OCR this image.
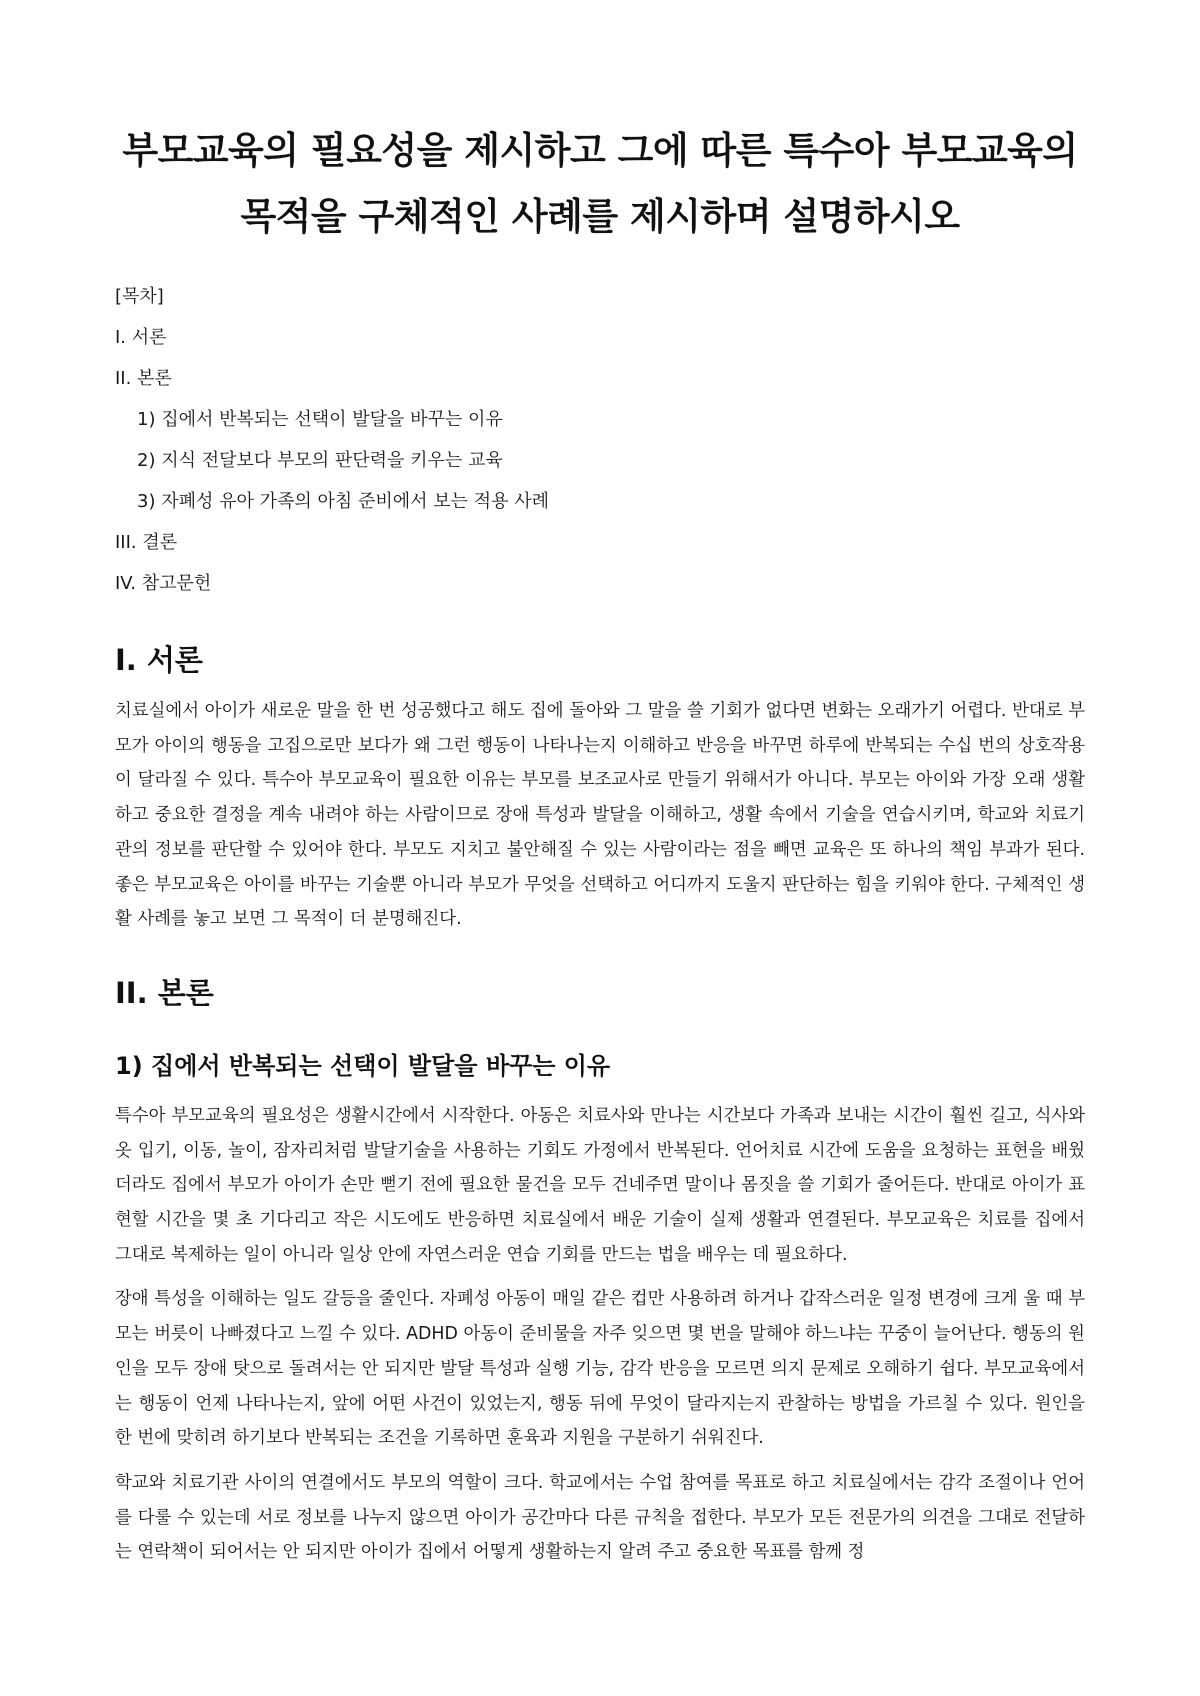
부모교육의 필요성을 제시하고 그에 따른 특수아 부모교육의 목적을 구체적인 사례를 제시하며 설명하시오
[목차]
I. 서론
II. 본론
1) 집에서 반복되는 선택이 발달을 바꾸는 이유
2) 지식 전달보다 부모의 판단력을 키우는 교육
3) 자폐성 유아 가족의 아침 준비에서 보는 적용 사례
III. 결론
IV. 참고문헌
I. 서론

치료실에서 아이가 새로운 말을 한 번 성공했다고 해도 집에 돌아와 그 말을 쓸 기회가 없다면 변화는 오래가기 어렵다. 반대로 부모가 아이의 행동을 고집으로만 보다가 왜 그런 행동이 나타나는지 이해하고 반응을 바꾸면 하루에 반복되는 수십 번의 상호작용이 달라질 수 있다. 특수아 부모교육이 필요한 이유는 부모를 보조교사로 만들기 위해서가 아니다. 부모는 아이와 가장 오래 생활하고 중요한 결정을 계속 내려야 하는 사람이므로 장애 특성과 발달을 이해하고, 생활 속에서 기술을 연습시키며, 학교와 치료기관의 정보를 판단할 수 있어야 한다. 부모도 지치고 불안해질 수 있는 사람이라는 점을 빼면 교육은 또 하나의 책임 부과가 된다. 좋은 부모교육은 아이를 바꾸는 기술뿐 아니라 부모가 무엇을 선택하고 어디까지 도울지 판단하는 힘을 키워야 한다. 구체적인 생활 사례를 놓고 보면 그 목적이 더 분명해진다.

II. 본론
1) 집에서 반복되는 선택이 발달을 바꾸는 이유

특수아 부모교육의 필요성은 생활시간에서 시작한다. 아동은 치료사와 만나는 시간보다 가족과 보내는 시간이 훨씬 길고, 식사와 옷 입기, 이동, 놀이, 잠자리처럼 발달기술을 사용하는 기회도 가정에서 반복된다. 언어치료 시간에 도움을 요청하는 표현을 배웠더라도 집에서 부모가 아이가 손만 뻗기 전에 필요한 물건을 모두 건네주면 말이나 몸짓을 쓸 기회가 줄어든다. 반대로 아이가 표현할 시간을 몇 초 기다리고 작은 시도에도 반응하면 치료실에서 배운 기술이 실제 생활과 연결된다. 부모교육은 치료를 집에서 그대로 복제하는 일이 아니라 일상 안에 자연스러운 연습 기회를 만드는 법을 배우는 데 필요하다.

장애 특성을 이해하는 일도 갈등을 줄인다. 자폐성 아동이 매일 같은 컵만 사용하려 하거나 갑작스러운 일정 변경에 크게 울 때 부모는 버릇이 나빠졌다고 느낄 수 있다. ADHD 아동이 준비물을 자주 잊으면 몇 번을 말해야 하느냐는 꾸중이 늘어난다. 행동의 원인을 모두 장애 탓으로 돌려서는 안 되지만 발달 특성과 실행 기능, 감각 반응을 모르면 의지 문제로 오해하기 쉽다. 부모교육에서는 행동이 언제 나타나는지, 앞에 어떤 사건이 있었는지, 행동 뒤에 무엇이 달라지는지 관찰하는 방법을 가르칠 수 있다. 원인을 한 번에 맞히려 하기보다 반복되는 조건을 기록하면 훈육과 지원을 구분하기 쉬워진다.

학교와 치료기관 사이의 연결에서도 부모의 역할이 크다. 학교에서는 수업 참여를 목표로 하고 치료실에서는 감각 조절이나 언어를 다룰 수 있는데 서로 정보를 나누지 않으면 아이가 공간마다 다른 규칙을 접한다. 부모가 모든 전문가의 의견을 그대로 전달하는 연락책이 되어서는 안 되지만 아이가 집에서 어떻게 생활하는지 알려 주고 중요한 목표를 함께 정
